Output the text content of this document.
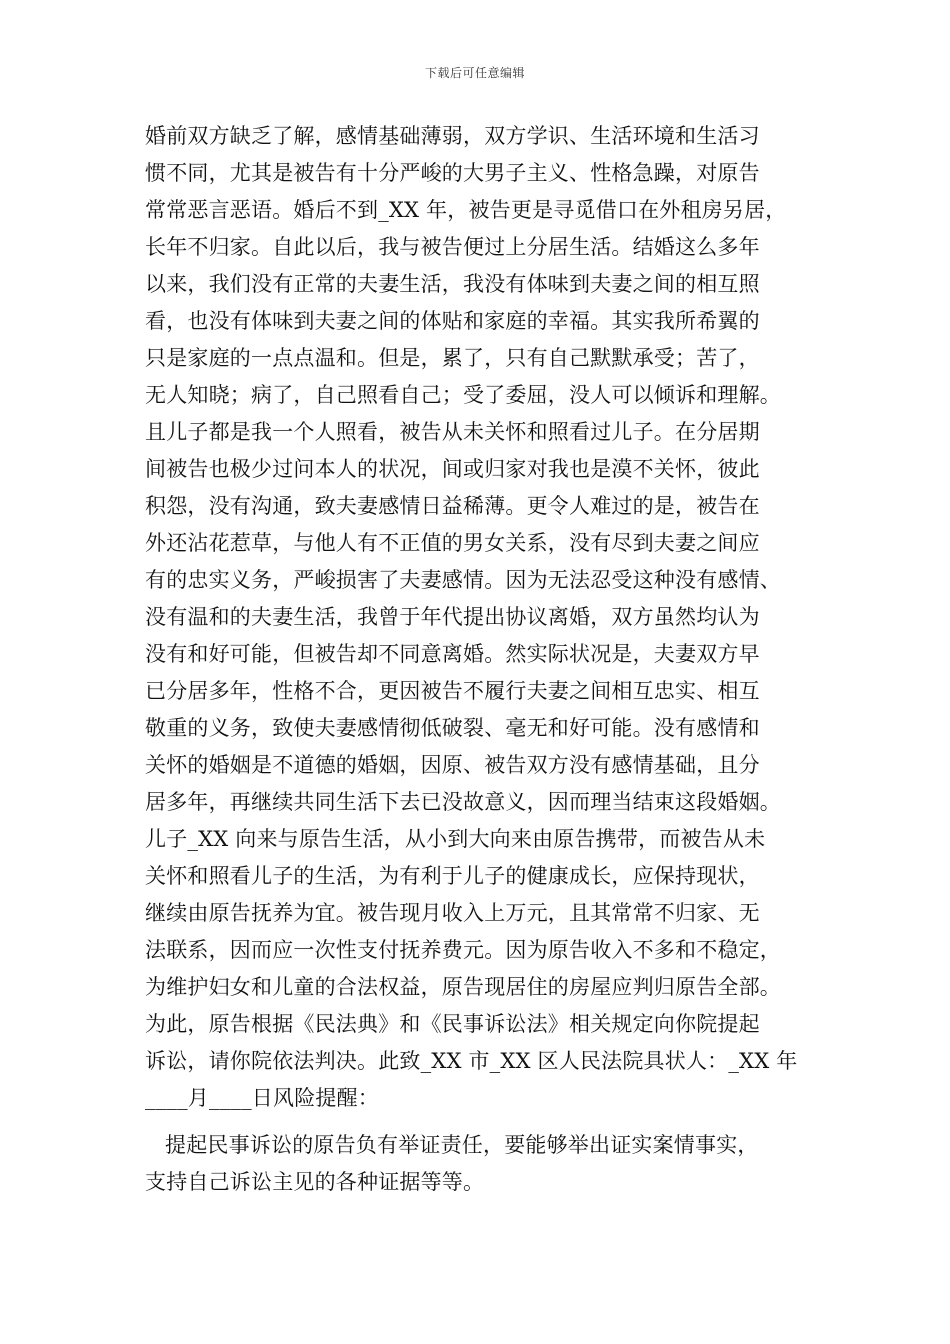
下载后可任意编辑
婚前双方缺乏了解，感情基础薄弱，双方学识、生活环境和生活习
惯不同，尤其是被告有十分严峻的大男子主义、性格急躁，对原告
常常恶言恶语。婚后不到_XX 年，被告更是寻觅借口在外租房另居，
长年不归家。自此以后，我与被告便过上分居生活。结婚这么多年
以来，我们没有正常的夫妻生活，我没有体味到夫妻之间的相互照
看，也没有体味到夫妻之间的体贴和家庭的幸福。其实我所希翼的
只是家庭的一点点温和。但是，累了，只有自己默默承受；苦了，
无人知晓；病了，自己照看自己；受了委屈，没人可以倾诉和理解。
且儿子都是我一个人照看，被告从未关怀和照看过儿子。在分居期
间被告也极少过问本人的状况，间或归家对我也是漠不关怀，彼此
积怨，没有沟通，致夫妻感情日益稀薄。更令人难过的是，被告在
外还沾花惹草，与他人有不正值的男女关系，没有尽到夫妻之间应
有的忠实义务，严峻损害了夫妻感情。因为无法忍受这种没有感情、
没有温和的夫妻生活，我曾于年代提出协议离婚，双方虽然均认为
没有和好可能，但被告却不同意离婚。然实际状况是，夫妻双方早
已分居多年，性格不合，更因被告不履行夫妻之间相互忠实、相互
敬重的义务，致使夫妻感情彻低破裂、毫无和好可能。没有感情和
关怀的婚姻是不道德的婚姻，因原、被告双方没有感情基础，且分
居多年，再继续共同生活下去已没故意义，因而理当结束这段婚姻。
儿子_XX 向来与原告生活，从小到大向来由原告携带，而被告从未
关怀和照看儿子的生活，为有利于儿子的健康成长，应保持现状，
继续由原告抚养为宜。被告现月收入上万元，且其常常不归家、无
法联系，因而应一次性支付抚养费元。因为原告收入不多和不稳定，
为维护妇女和儿童的合法权益，原告现居住的房屋应判归原告全部。
为此，原告根据《民法典》和《民事诉讼法》相关规定向你院提起
诉讼，请你院依法判决。此致_XX 市_XX 区人民法院具状人：_XX 年
____月____日风险提醒：
提起民事诉讼的原告负有举证责任，要能够举出证实案情事实，
支持自己诉讼主见的各种证据等等。
